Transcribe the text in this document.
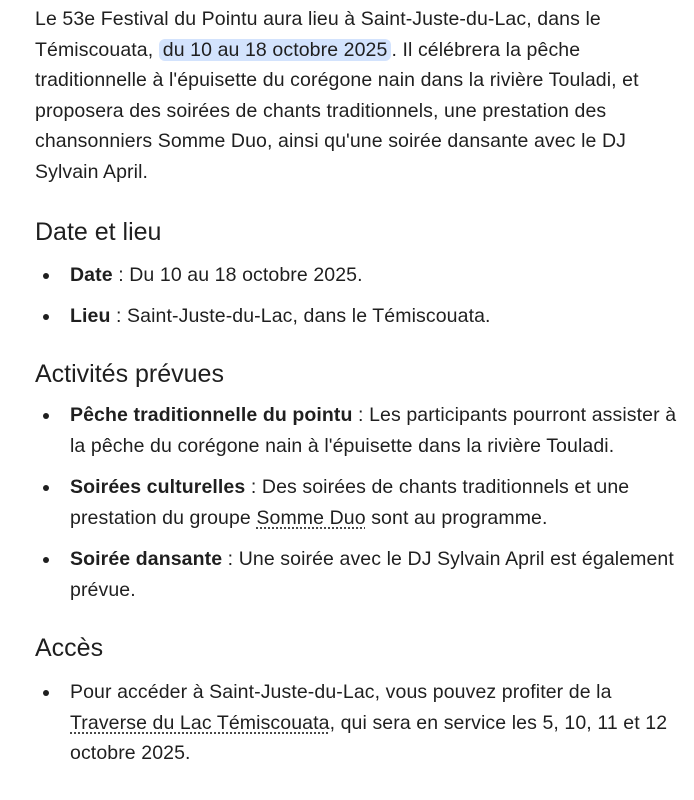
Le 53e Festival du Pointu aura lieu à Saint-Juste-du-Lac, dans le Témiscouata, du 10 au 18 octobre 2025 . Il célébrera la pêche traditionnelle à l'épuisette du corégone nain dans la rivière Touladi, et proposera des soirées de chants traditionnels, une prestation des chansonniers Somme Duo, ainsi qu'une soirée dansante avec le DJ Sylvain April.

Date et lieu
Date : Du 10 au 18 octobre 2025.
Lieu : Saint-Juste-du-Lac, dans le Témiscouata.
Activités prévues
Pêche traditionnelle du pointu : Les participants pourront assister à la pêche du corégone nain à l'épuisette dans la rivière Touladi.
Soirées culturelles : Des soirées de chants traditionnels et une prestation du groupe Somme Duo sont au programme.
Soirée dansante : Une soirée avec le DJ Sylvain April est également prévue.
Accès
Pour accéder à Saint-Juste-du-Lac, vous pouvez profiter de la Traverse du Lac Témiscouata, qui sera en service les 5, 10, 11 et 12 octobre 2025.
